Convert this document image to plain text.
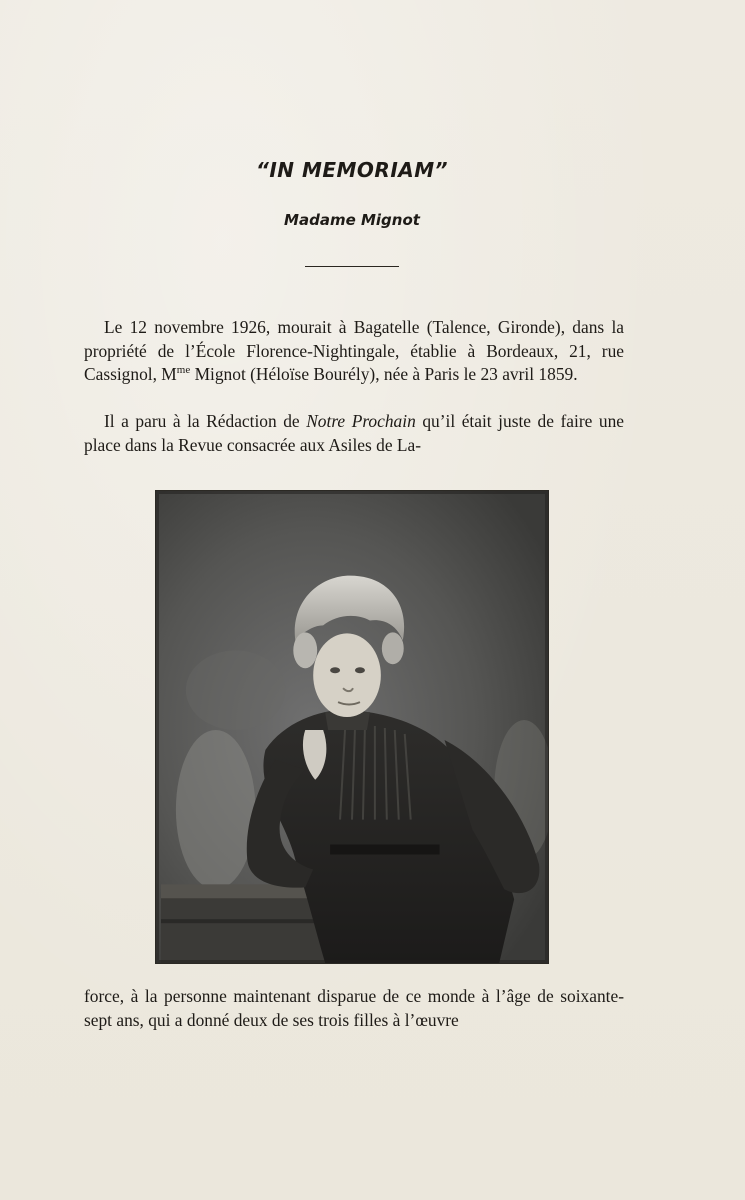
“IN MEMORIAM”
Madame Mignot

Le 12 novembre 1926, mourait à Bagatelle (Talence, Gironde), dans la propriété de l’École Florence-Nightingale, établie à Bordeaux, 21, rue Cassignol, $M^{me}$ Mignot (Héloïse Bourély), née à Paris le 23 avril 1859.

Il a paru à la Rédaction de Notre Prochain qu’il était juste de faire une place dans la Revue consacrée aux Asiles de La-

force, à la personne maintenant disparue de ce monde à l’âge de soixante-sept ans, qui a donné deux de ses trois filles à l’œuvre
